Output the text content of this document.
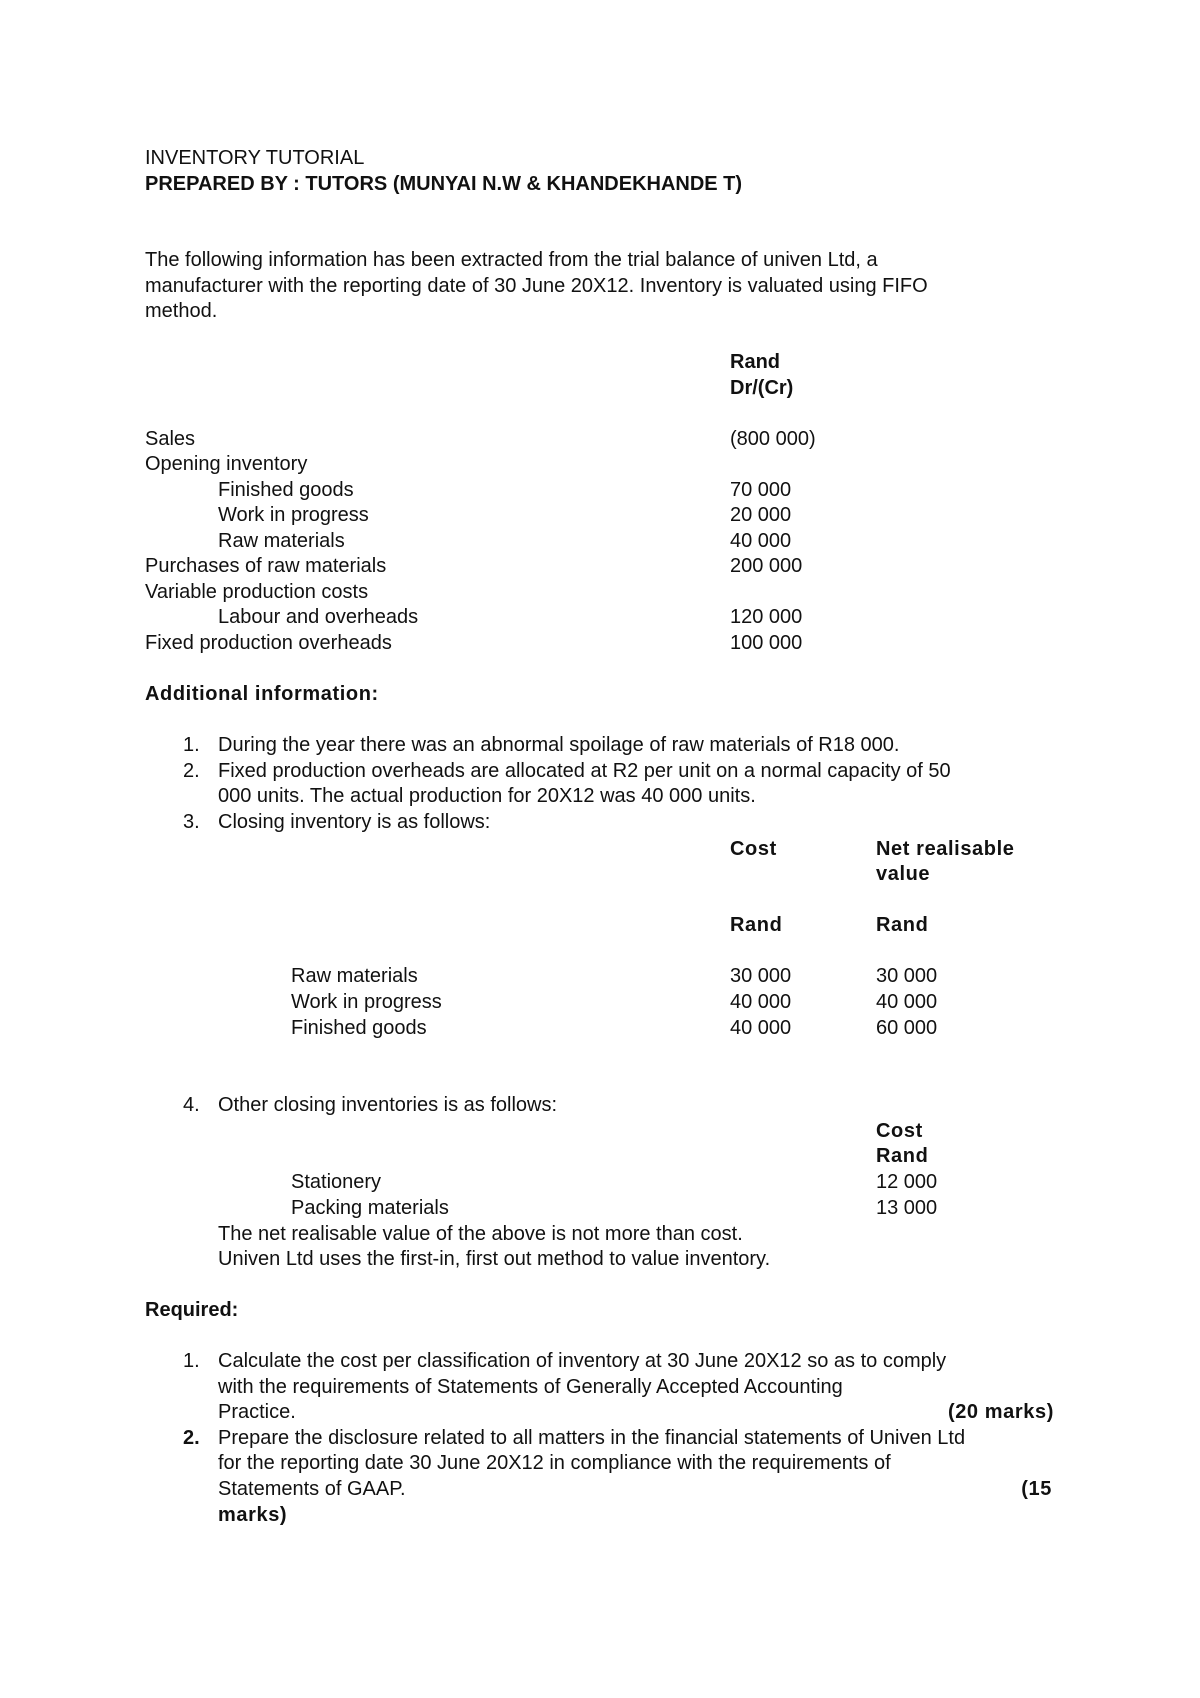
INVENTORY TUTORIAL
PREPARED BY : TUTORS (MUNYAI N.W & KHANDEKHANDE T)
The following information has been extracted from the trial balance of univen Ltd, a
manufacturer with the reporting date of 30 June 20X12. Inventory is valuated using FIFO
method.
Rand
Dr/(Cr)
Sales	(800 000)
Opening inventory
Finished goods	70 000
Work in progress	20 000
Raw materials	40 000
Purchases of raw materials	200 000
Variable production costs
Labour and overheads	120 000
Fixed production overheads	100 000
Additional information:
1. During the year there was an abnormal spoilage of raw materials of R18 000.
2. Fixed production overheads are allocated at R2 per unit on a normal capacity of 50
000 units. The actual production for 20X12 was 40 000 units.
3. Closing inventory is as follows:
Cost	Net realisable
value
Rand	Rand
Raw materials	30 000	30 000
Work in progress	40 000	40 000
Finished goods	40 000	60 000
4. Other closing inventories is as follows:
Cost
Rand
Stationery	12 000
Packing materials	13 000
The net realisable value of the above is not more than cost.
Univen Ltd uses the first-in, first out method to value inventory.
Required:
1. Calculate the cost per classification of inventory at 30 June 20X12 so as to comply
with the requirements of Statements of Generally Accepted Accounting
Practice.	(20 marks)
2. Prepare the disclosure related to all matters in the financial statements of Univen Ltd
for the reporting date 30 June 20X12 in compliance with the requirements of
Statements of GAAP.	(15
marks)
